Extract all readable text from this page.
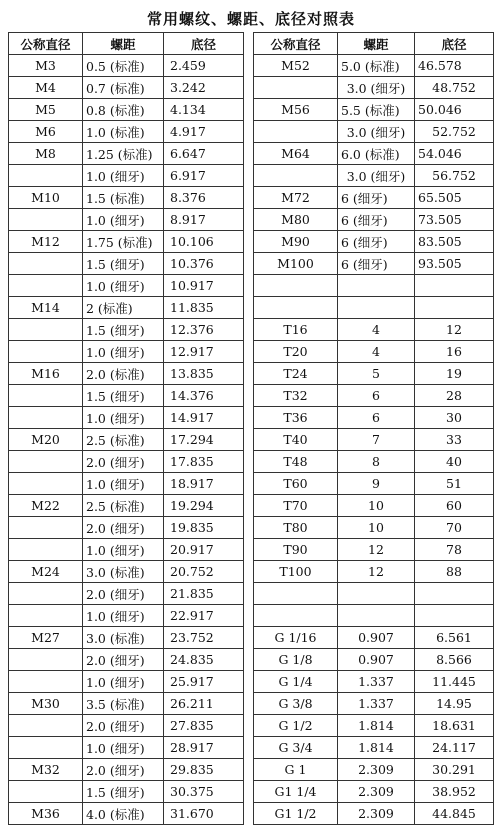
常用螺纹、螺距、底径对照表
公称直径	螺距	底径
M3	0.5 (标准)	2.459
M4	0.7 (标准)	3.242
M5	0.8 (标准)	4.134
M6	1.0 (标准)	4.917
M8	1.25 (标准)	6.647
	1.0 (细牙)	6.917
M10	1.5 (标准)	8.376
	1.0 (细牙)	8.917
M12	1.75 (标准)	10.106
	1.5 (细牙)	10.376
	1.0 (细牙)	10.917
M14	2 (标准)	11.835
	1.5 (细牙)	12.376
	1.0 (细牙)	12.917
M16	2.0 (标准)	13.835
	1.5 (细牙)	14.376
	1.0 (细牙)	14.917
M20	2.5 (标准)	17.294
	2.0 (细牙)	17.835
	1.0 (细牙)	18.917
M22	2.5 (标准)	19.294
	2.0 (细牙)	19.835
	1.0 (细牙)	20.917
M24	3.0 (标准)	20.752
	2.0 (细牙)	21.835
	1.0 (细牙)	22.917
M27	3.0 (标准)	23.752
	2.0 (细牙)	24.835
	1.0 (细牙)	25.917
M30	3.5 (标准)	26.211
	2.0 (细牙)	27.835
	1.0 (细牙)	28.917
M32	2.0 (细牙)	29.835
	1.5 (细牙)	30.375
M36	4.0 (标准)	31.670
公称直径	螺距	底径
M52	5.0 (标准)	46.578
	3.0 (细牙)	48.752
M56	5.5 (标准)	50.046
	3.0 (细牙)	52.752
M64	6.0 (标准)	54.046
	3.0 (细牙)	56.752
M72	6 (细牙)	65.505
M80	6 (细牙)	73.505
M90	6 (细牙)	83.505
M100	6 (细牙)	93.505

T16	4	12
T20	4	16
T24	5	19
T32	6	28
T36	6	30
T40	7	33
T48	8	40
T60	9	51
T70	10	60
T80	10	70
T90	12	78
T100	12	88

G 1/16	0.907	6.561
G 1/8	0.907	8.566
G 1/4	1.337	11.445
G 3/8	1.337	14.95
G 1/2	1.814	18.631
G 3/4	1.814	24.117
G 1	2.309	30.291
G1 1/4	2.309	38.952
G1 1/2	2.309	44.845
